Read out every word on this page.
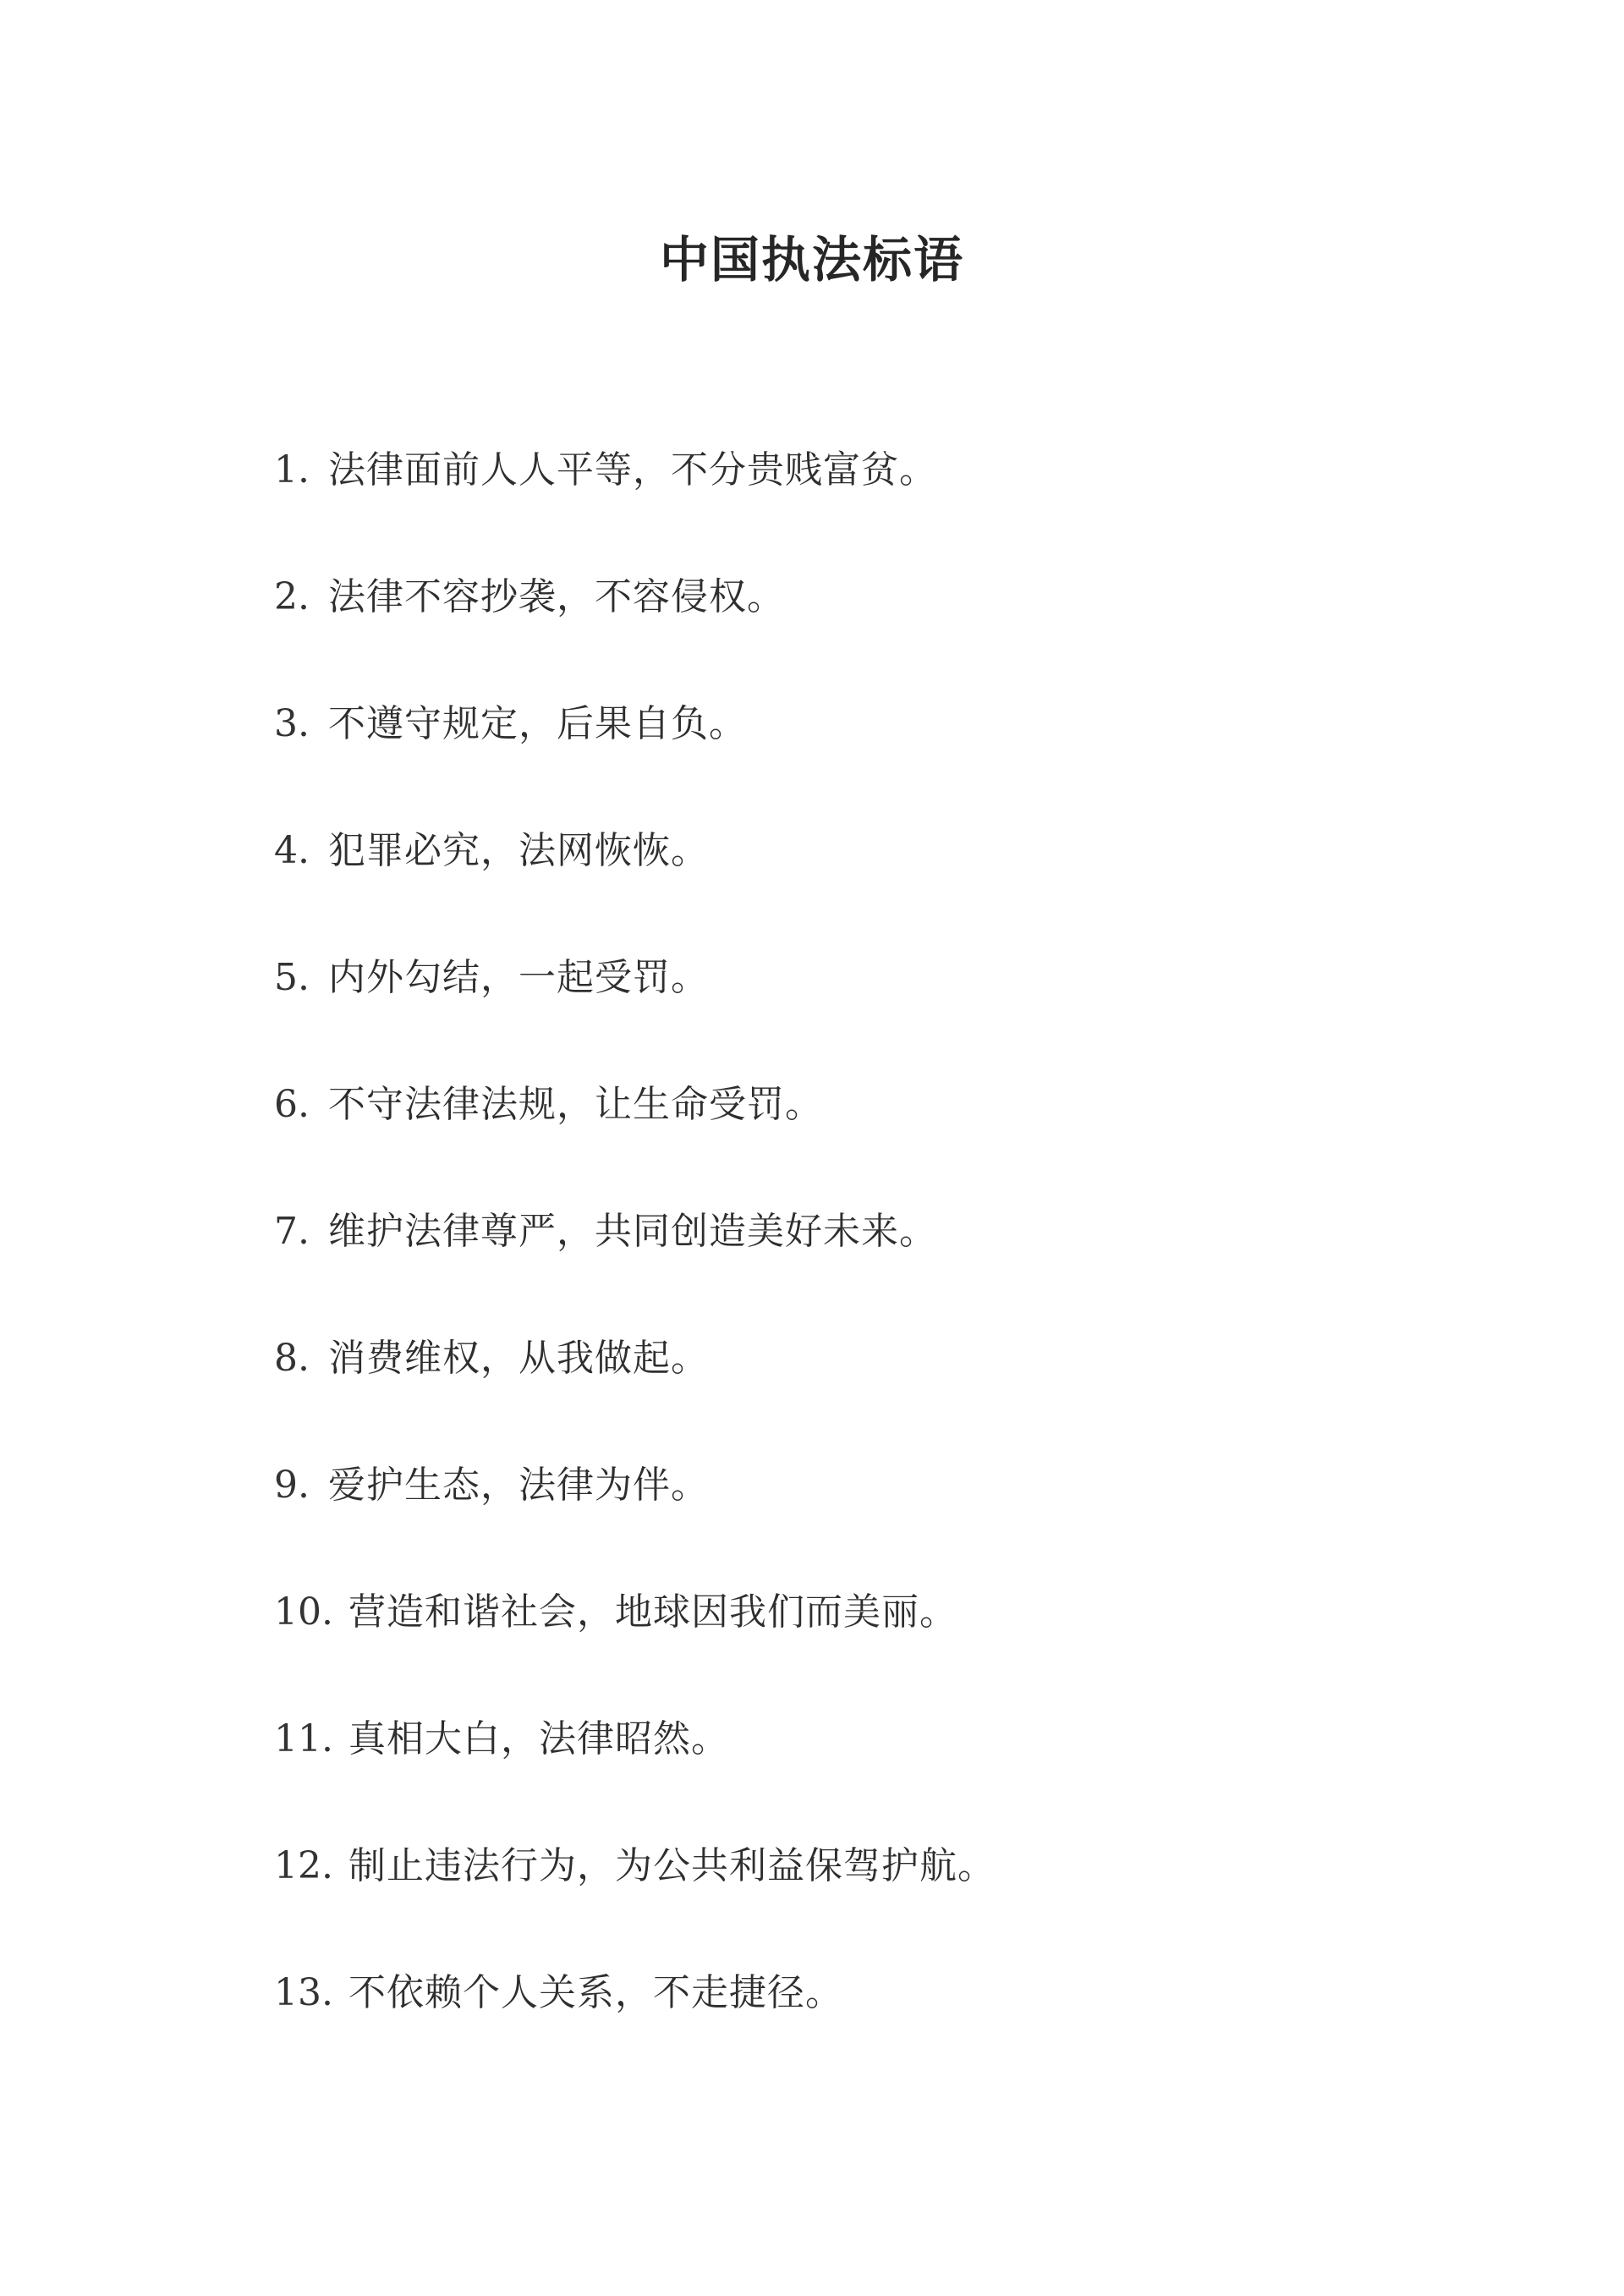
中国执法标语
1. 法律面前人人平等，不分贵贱富贫。
2. 法律不容抄袭，不容侵权。
3. 不遵守规定，后果自负。
4. 犯罪必究，法网恢恢。
5. 内外勾结，一起受罚。
6. 不守法律法规，让生命受罚。
7. 维护法律尊严，共同创造美好未来。
8. 消费维权，从我做起。
9. 爱护生态，法律为伴。
10. 营造和谐社会，地球因我们而美丽。
11. 真相大白，法律昭然。
12. 制止违法行为，为公共利益保驾护航。
13. 不依赖个人关系，不走捷径。
